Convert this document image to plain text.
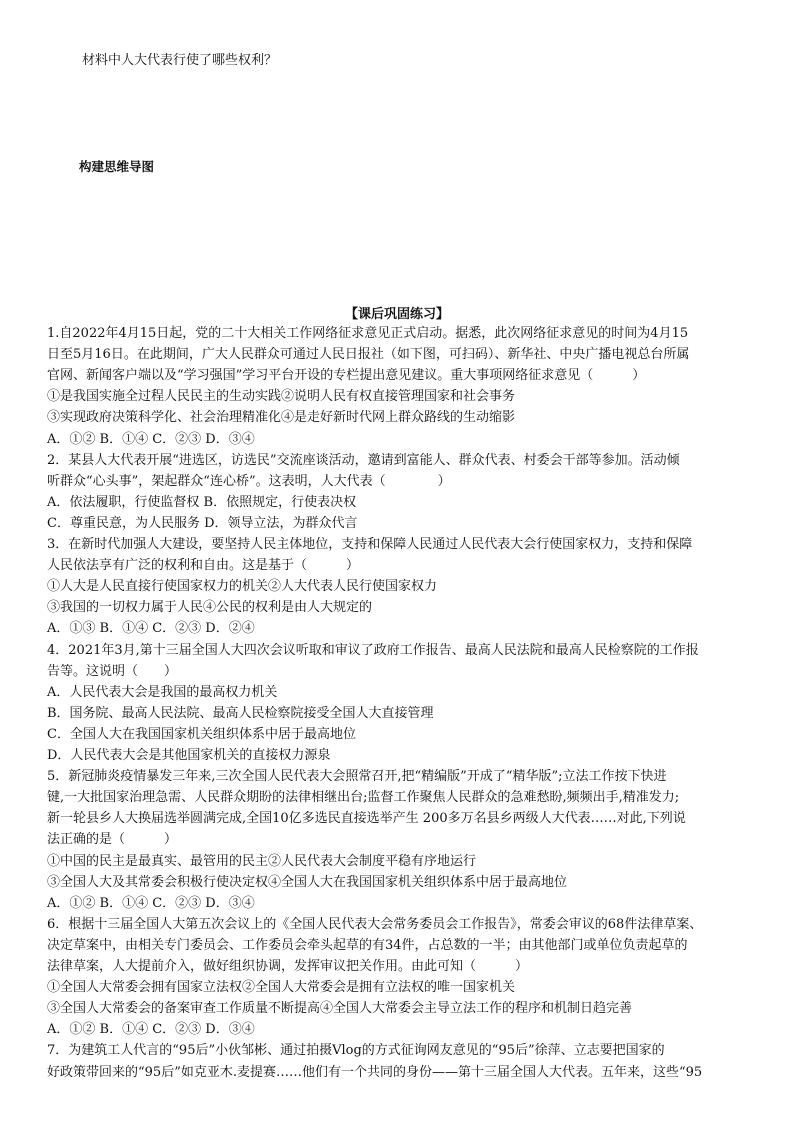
材料中人大代表行使了哪些权利？
构建思维导图
【课后巩固练习】
1.自2022年4月15日起，党的二十大相关工作网络征求意见正式启动。据悉，此次网络征求意见的时间为4月15
日至5月16日。在此期间，广大人民群众可通过人民日报社（如下图，可扫码）、新华社、中央广播电视总台所属
官网、新闻客户端以及“学习强国”学习平台开设的专栏提出意见建议。重大事项网络征求意见（　　　）
①是我国实施全过程人民民主的生动实践②说明人民有权直接管理国家和社会事务
③实现政府决策科学化、社会治理精准化④是走好新时代网上群众路线的生动缩影
A．①② B．①④ C．②③ D．③④
2．某县人大代表开展“进选区，访选民”交流座谈活动，邀请到富能人、群众代表、村委会干部等参加。活动倾
听群众“心头事”，架起群众“连心桥”。这表明，人大代表（　　　　）
A．依法履职，行使监督权 B．依照规定，行使表决权
C．尊重民意，为人民服务 D．领导立法，为群众代言
3．在新时代加强人大建设，要坚持人民主体地位，支持和保障人民通过人民代表大会行使国家权力，支持和保障
人民依法享有广泛的权利和自由。这是基于（　　　）
①人大是人民直接行使国家权力的机关②人大代表人民行使国家权力
③我国的一切权力属于人民④公民的权利是由人大规定的
A．①③ B．①④ C．②③ D．②④
4．2021年3月,第十三届全国人大四次会议听取和审议了政府工作报告、最高人民法院和最高人民检察院的工作报
告等。这说明（　　）
A．人民代表大会是我国的最高权力机关
B．国务院、最高人民法院、最高人民检察院接受全国人大直接管理
C．全国人大在我国国家机关组织体系中居于最高地位
D．人民代表大会是其他国家机关的直接权力源泉
5．新冠肺炎疫情暴发三年来,三次全国人民代表大会照常召开,把“精编版”开成了“精华版”;立法工作按下快进
键,一大批国家治理急需、人民群众期盼的法律相继出台;监督工作聚焦人民群众的急难愁盼,频频出手,精准发力;
新一轮县乡人大换届选举圆满完成,全国10亿多选民直接选举产生 200多万名县乡两级人大代表……对此,下列说
法正确的是（　　　）
①中国的民主是最真实、最管用的民主②人民代表大会制度平稳有序地运行
③全国人大及其常委会积极行使决定权④全国人大在我国国家机关组织体系中居于最高地位
A．①② B．①④ C．②③ D．③④
6．根据十三届全国人大第五次会议上的《全国人民代表大会常务委员会工作报告》，常委会审议的68件法律草案、
决定草案中，由相关专门委员会、工作委员会牵头起草的有34件，占总数的一半；由其他部门或单位负责起草的
法律草案，人大提前介入，做好组织协调，发挥审议把关作用。由此可知（　　　）
①全国人大常委会拥有国家立法权②全国人大常委会是拥有立法权的唯一国家机关
③全国人大常委会的备案审查工作质量不断提高④全国人大常委会主导立法工作的程序和机制日趋完善
A．①② B．①④ C．②③ D．③④
7．为建筑工人代言的“95后”小伙邹彬、通过拍摄Vlog的方式征询网友意见的“95后”徐萍、立志要把国家的
好政策带回来的“95后”如克亚木.麦提赛……他们有一个共同的身份——第十三届全国人大代表。五年来，这些“95
